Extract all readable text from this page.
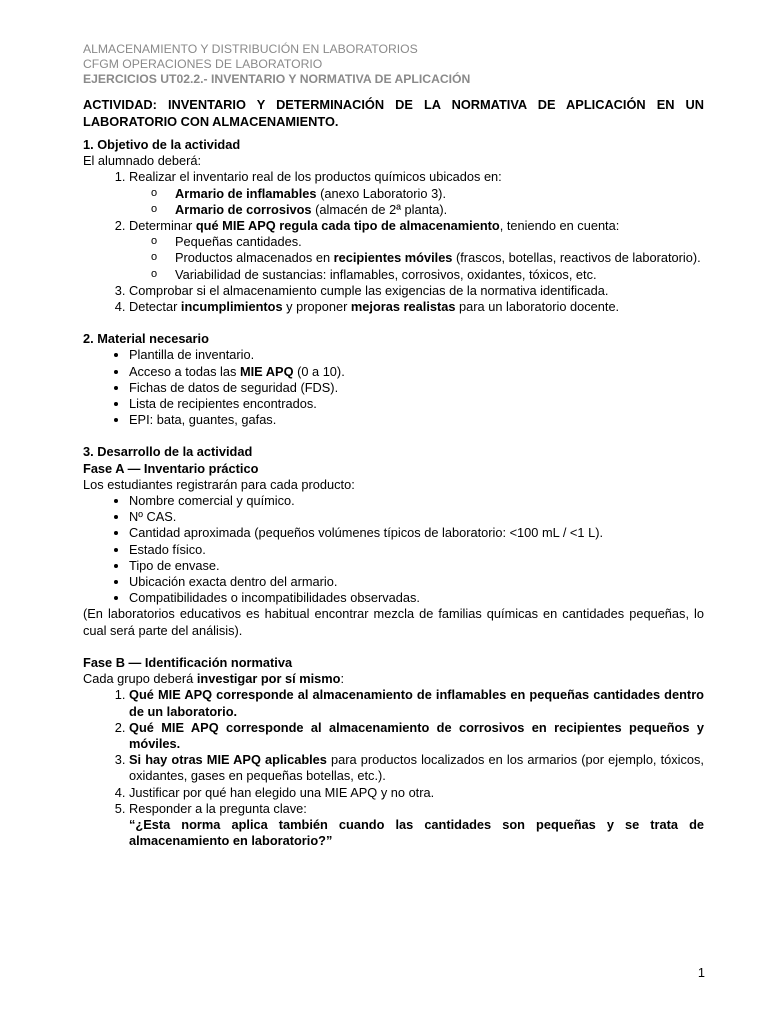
ALMACENAMIENTO Y DISTRIBUCIÓN EN LABORATORIOS
CFGM OPERACIONES DE LABORATORIO
EJERCICIOS UT02.2.- INVENTARIO Y NORMATIVA DE APLICACIÓN
ACTIVIDAD: INVENTARIO Y DETERMINACIÓN DE LA NORMATIVA DE APLICACIÓN EN UN LABORATORIO CON ALMACENAMIENTO.
1. Objetivo de la actividad
El alumnado deberá:
1. Realizar el inventario real de los productos químicos ubicados en:
o Armario de inflamables (anexo Laboratorio 3).
o Armario de corrosivos (almacén de 2ª planta).
2. Determinar qué MIE APQ regula cada tipo de almacenamiento, teniendo en cuenta:
o Pequeñas cantidades.
o Productos almacenados en recipientes móviles (frascos, botellas, reactivos de laboratorio).
o Variabilidad de sustancias: inflamables, corrosivos, oxidantes, tóxicos, etc.
3. Comprobar si el almacenamiento cumple las exigencias de la normativa identificada.
4. Detectar incumplimientos y proponer mejoras realistas para un laboratorio docente.
2. Material necesario
• Plantilla de inventario.
• Acceso a todas las MIE APQ (0 a 10).
• Fichas de datos de seguridad (FDS).
• Lista de recipientes encontrados.
• EPI: bata, guantes, gafas.
3. Desarrollo de la actividad
Fase A — Inventario práctico
Los estudiantes registrarán para cada producto:
• Nombre comercial y químico.
• Nº CAS.
• Cantidad aproximada (pequeños volúmenes típicos de laboratorio: <100 mL / <1 L).
• Estado físico.
• Tipo de envase.
• Ubicación exacta dentro del armario.
• Compatibilidades o incompatibilidades observadas.
(En laboratorios educativos es habitual encontrar mezcla de familias químicas en cantidades pequeñas, lo cual será parte del análisis).
Fase B — Identificación normativa
Cada grupo deberá investigar por sí mismo:
1. Qué MIE APQ corresponde al almacenamiento de inflamables en pequeñas cantidades dentro de un laboratorio.
2. Qué MIE APQ corresponde al almacenamiento de corrosivos en recipientes pequeños y móviles.
3. Si hay otras MIE APQ aplicables para productos localizados en los armarios (por ejemplo, tóxicos, oxidantes, gases en pequeñas botellas, etc.).
4. Justificar por qué han elegido una MIE APQ y no otra.
5. Responder a la pregunta clave:
“¿Esta norma aplica también cuando las cantidades son pequeñas y se trata de almacenamiento en laboratorio?”
1
